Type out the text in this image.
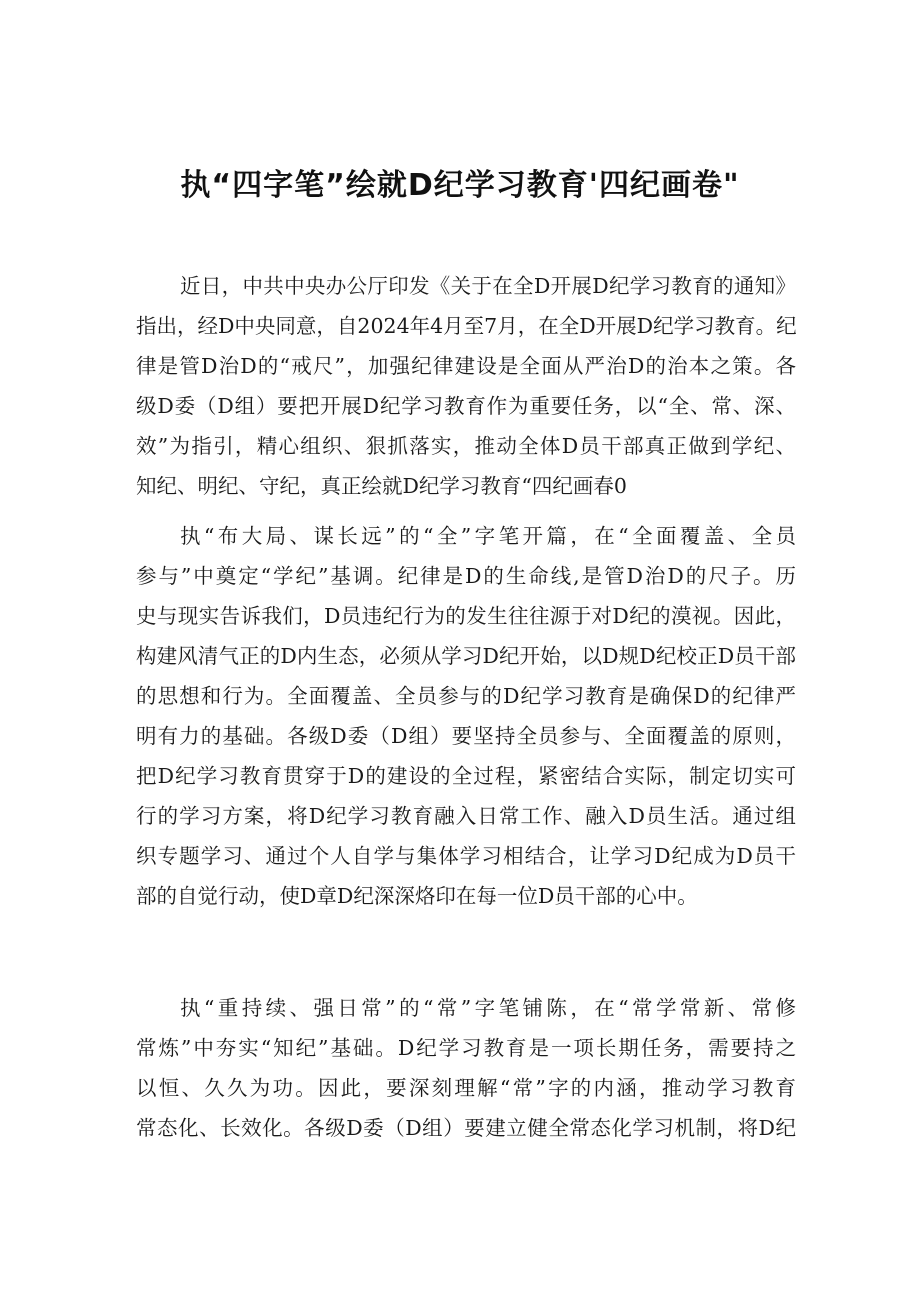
执“四字笔”绘就D纪学习教育'四纪画卷"
近日，中共中央办公厅印发《关于在全D开展D纪学习教育的通知》
指出，经D中央同意，自2024年4月至7月，在全D开展D纪学习教育。纪
律是管D治D的“戒尺”，加强纪律建设是全面从严治D的治本之策。各
级D委（D组）要把开展D纪学习教育作为重要任务，以“全、常、深、
效”为指引，精心组织、狠抓落实，推动全体D员干部真正做到学纪、
知纪、明纪、守纪，真正绘就D纪学习教育“四纪画春0
执“布大局、谋长远”的“全”字笔开篇，在“全面覆盖、全员
参与”中奠定“学纪”基调。纪律是D的生命线,是管D治D的尺子。历
史与现实告诉我们，D员违纪行为的发生往往源于对D纪的漠视。因此，
构建风清气正的D内生态，必须从学习D纪开始，以D规D纪校正D员干部
的思想和行为。全面覆盖、全员参与的D纪学习教育是确保D的纪律严
明有力的基础。各级D委（D组）要坚持全员参与、全面覆盖的原则，
把D纪学习教育贯穿于D的建设的全过程，紧密结合实际，制定切实可
行的学习方案，将D纪学习教育融入日常工作、融入D员生活。通过组
织专题学习、通过个人自学与集体学习相结合，让学习D纪成为D员干
部的自觉行动，使D章D纪深深烙印在每一位D员干部的心中。
执“重持续、强日常”的“常”字笔铺陈，在“常学常新、常修
常炼”中夯实“知纪”基础。D纪学习教育是一项长期任务，需要持之
以恒、久久为功。因此，要深刻理解“常”字的内涵，推动学习教育
常态化、长效化。各级D委（D组）要建立健全常态化学习机制，将D纪
